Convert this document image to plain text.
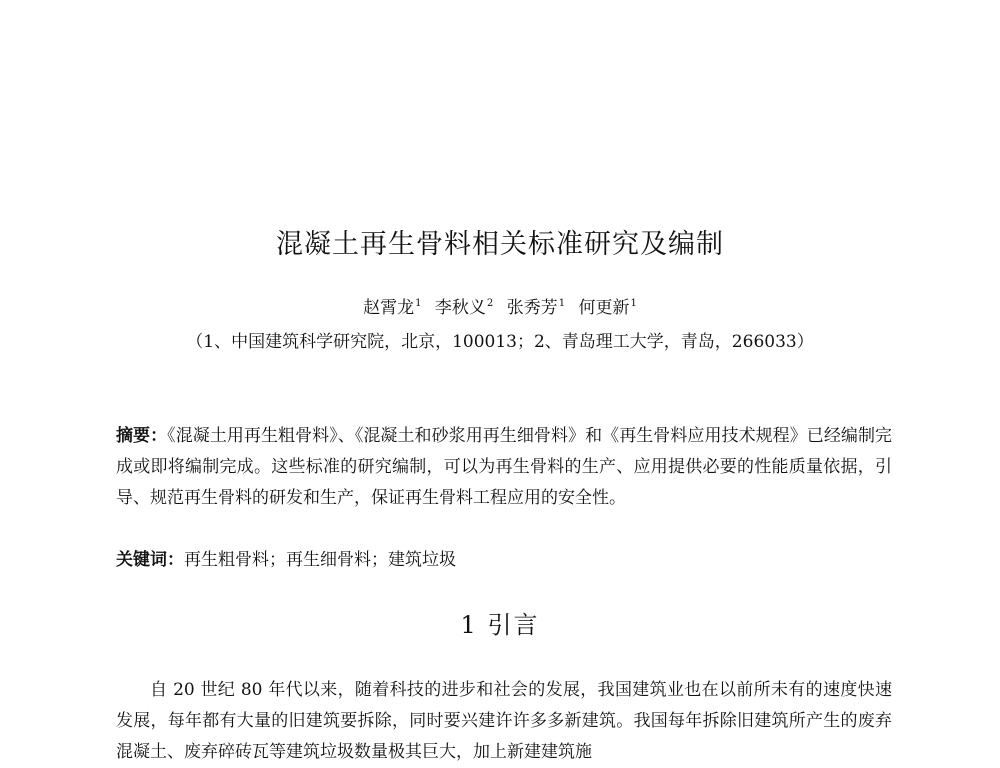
混凝土再生骨料相关标准研究及编制
赵霄龙$^1$ 李秋义$^2$ 张秀芳$^1$ 何更新$^1$
（1、中国建筑科学研究院，北京，100013；2、青岛理工大学，青岛，266033）
摘要：《混凝土用再生粗骨料》、《混凝土和砂浆用再生细骨料》和《再生骨料应用技术规程》已经编制完成或即将编制完成。这些标准的研究编制，可以为再生骨料的生产、应用提供必要的性能质量依据，引导、规范再生骨料的研发和生产，保证再生骨料工程应用的安全性。
关键词：再生粗骨料；再生细骨料；建筑垃圾
1 引言
自 20 世纪 80 年代以来，随着科技的进步和社会的发展，我国建筑业也在以前所未有的速度快速发展，每年都有大量的旧建筑要拆除，同时要兴建许许多多新建筑。我国每年拆除旧建筑所产生的废弃混凝土、废弃碎砖瓦等建筑垃圾数量极其巨大，加上新建建筑施
